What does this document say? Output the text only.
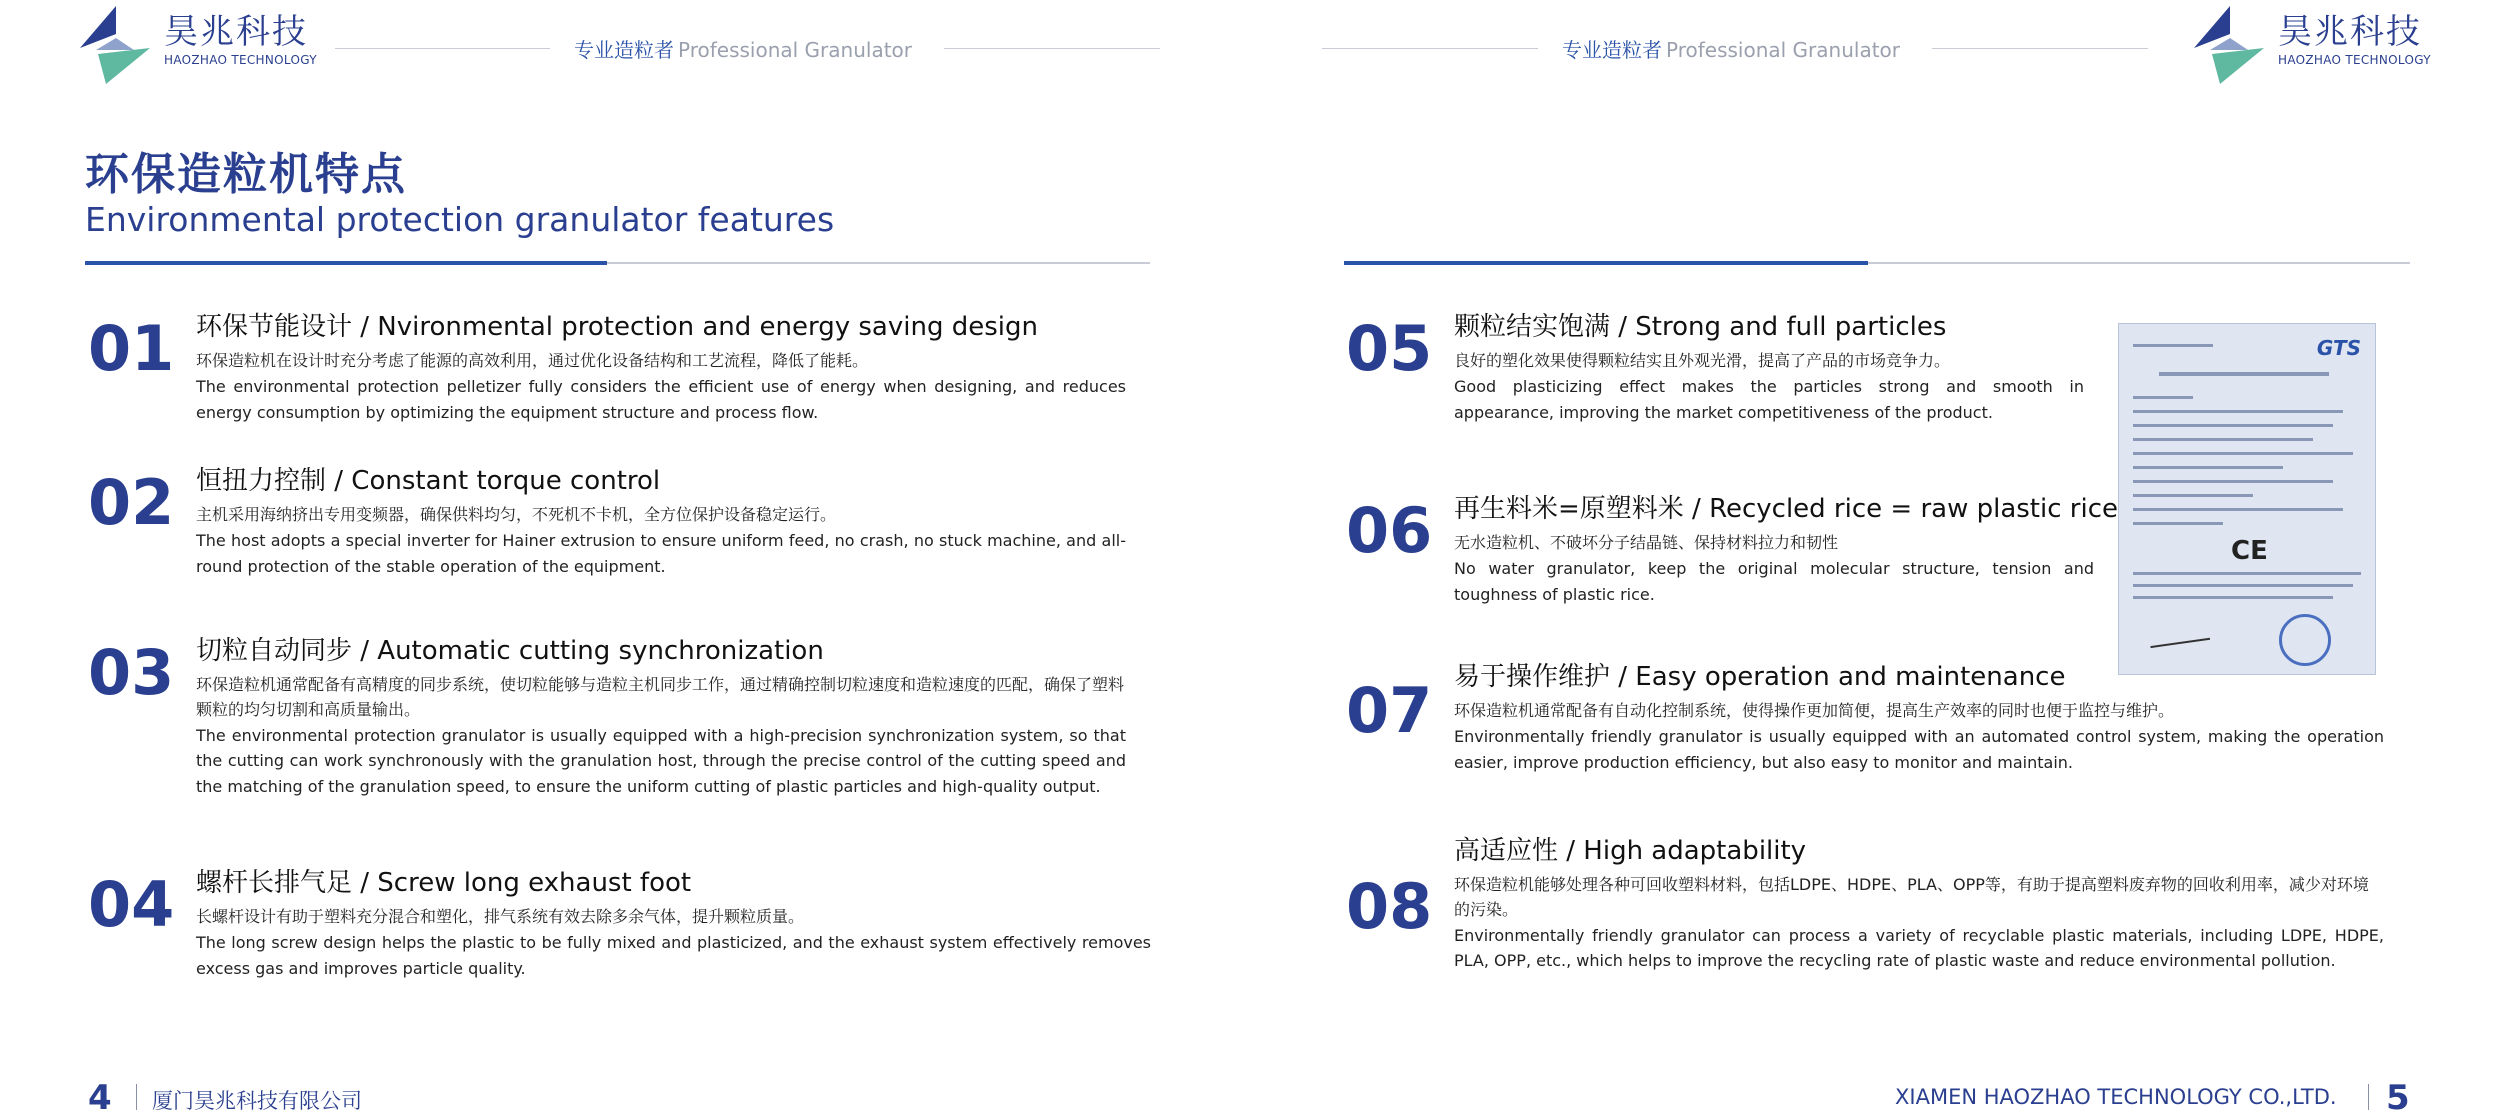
昊兆科技
HAOZHAO TECHNOLOGY
昊兆科技
HAOZHAO TECHNOLOGY
专业造粒者 Professional Granulator	专业造粒者 Professional Granulator
环保造粒机特点
Environmental protection granulator features
01 环保节能设计 / Nvironmental protection and energy saving design
环保造粒机在设计时充分考虑了能源的高效利用，通过优化设备结构和工艺流程，降低了能耗。
The environmental protection pelletizer fully considers the efficient use of energy when designing, and reduces energy consumption by optimizing the equipment structure and process flow.
02 恒扭力控制 / Constant torque control
主机采用海纳挤出专用变频器，确保供料均匀，不死机不卡机，全方位保护设备稳定运行。
The host adopts a special inverter for Hainer extrusion to ensure uniform feed, no crash, no stuck machine, and all-round protection of the stable operation of the equipment.
03 切粒自动同步 / Automatic cutting synchronization
环保造粒机通常配备有高精度的同步系统，使切粒能够与造粒主机同步工作，通过精确控制切粒速度和造粒速度的匹配，确保了塑料颗粒的均匀切割和高质量输出。
The environmental protection granulator is usually equipped with a high-precision synchronization system, so that the cutting can work synchronously with the granulation host, through the precise control of the cutting speed and the matching of the granulation speed, to ensure the uniform cutting of plastic particles and high-quality output.
04 螺杆长排气足 / Screw long exhaust foot
长螺杆设计有助于塑料充分混合和塑化，排气系统有效去除多余气体，提升颗粒质量。
The long screw design helps the plastic to be fully mixed and plasticized, and the exhaust system effectively removes excess gas and improves particle quality.
05 颗粒结实饱满 / Strong and full particles
良好的塑化效果使得颗粒结实且外观光滑，提高了产品的市场竞争力。
Good plasticizing effect makes the particles strong and smooth in appearance, improving the market competitiveness of the product.
06 再生料米=原塑料米 / Recycled rice = raw plastic rice
无水造粒机、不破坏分子结晶链、保持材料拉力和韧性
No water granulator, keep the original molecular structure, tension and toughness of plastic rice.
07 易于操作维护 / Easy operation and maintenance
环保造粒机通常配备有自动化控制系统，使得操作更加简便，提高生产效率的同时也便于监控与维护。
Environmentally friendly granulator is usually equipped with an automated control system, making the operation easier, improve production efficiency, but also easy to monitor and maintain.
08
高适应性 / High adaptability
环保造粒机能够处理各种可回收塑料材料，包括LDPE、HDPE、PLA、OPP等，有助于提高塑料废弃物的回收利用率，减少对环境的污染。
Environmentally friendly granulator can process a variety of recyclable plastic materials, including LDPE, HDPE, PLA, OPP, etc., which helps to improve the recycling rate of plastic waste and reduce environmental pollution.
GTS
CE
4 厦门昊兆科技有限公司	XIAMEN HAOZHAO TECHNOLOGY CO.,LTD. 5
